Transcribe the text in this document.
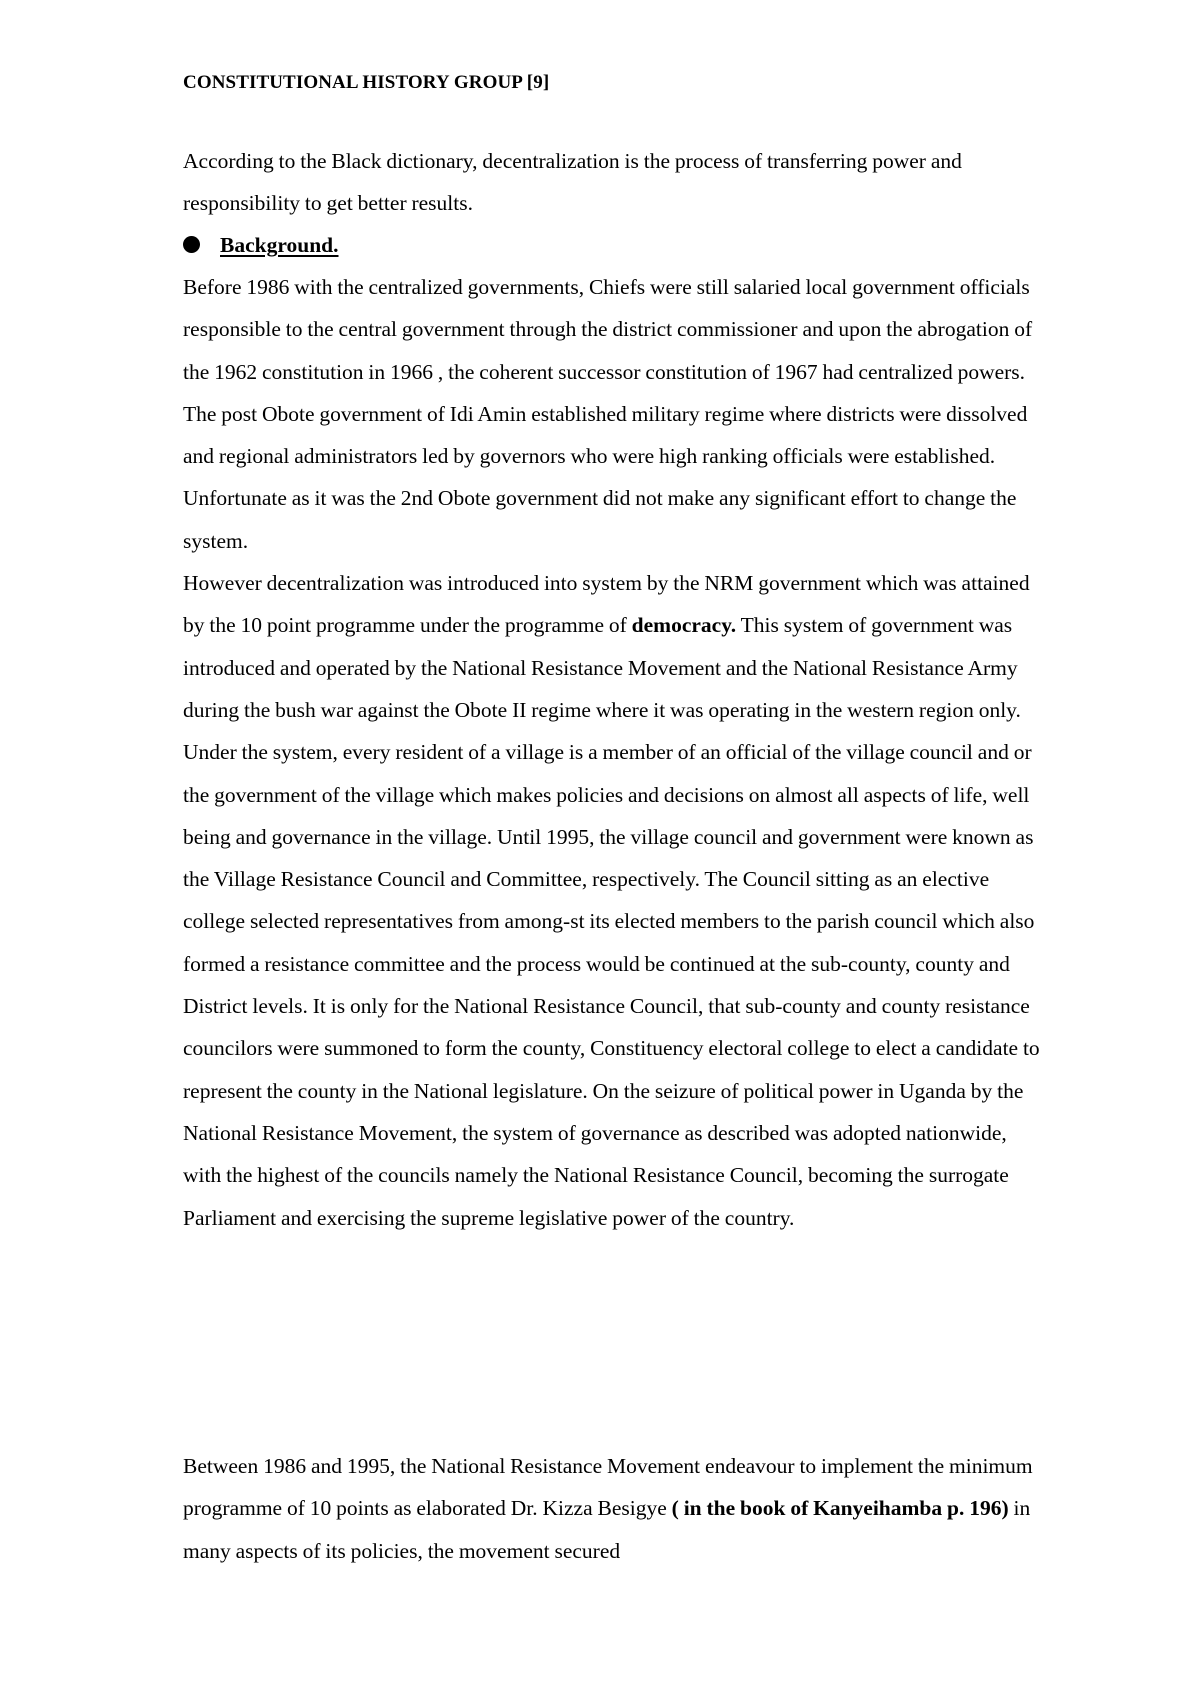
CONSTITUTIONAL HISTORY GROUP [9]
According to the Black dictionary, decentralization is the process of transferring power and responsibility to get better results.
Background.
Before 1986 with the centralized governments, Chiefs were still salaried local government officials responsible to the central government through the district commissioner and upon the abrogation of the 1962 constitution in 1966 , the coherent successor constitution of 1967 had centralized powers. The post Obote government of Idi Amin established military regime where districts were dissolved and regional administrators led by governors who were high ranking officials were established. Unfortunate as it was the 2nd Obote government did not make any significant effort to change the system.
However decentralization was introduced into system by the NRM government which was attained by the 10 point programme under the programme of democracy. This system of government was introduced and operated by the National Resistance Movement and the National Resistance Army during the bush war against the Obote II regime where it was operating in the western region only. Under the system, every resident of a village is a member of an official of the village council and or the government of the village which makes policies and decisions on almost all aspects of life, well being and governance in the village. Until 1995, the village council and government were known as the Village Resistance Council and Committee, respectively. The Council sitting as an elective college selected representatives from among-st its elected members to the parish council which also formed a resistance committee and the process would be continued at the sub-county, county and District levels. It is only for the National Resistance Council, that sub-county and county resistance councilors were summoned to form the county, Constituency electoral college to elect a candidate to represent the county in the National legislature. On the seizure of political power in Uganda by the National Resistance Movement, the system of governance as described was adopted nationwide, with the highest of the councils namely the National Resistance Council, becoming the surrogate Parliament and exercising the supreme legislative power of the country.
Between 1986 and 1995, the National Resistance Movement endeavour to implement the minimum programme of 10 points as elaborated Dr. Kizza Besigye ( in the book of Kanyeihamba p. 196) in many aspects of its policies, the movement secured
